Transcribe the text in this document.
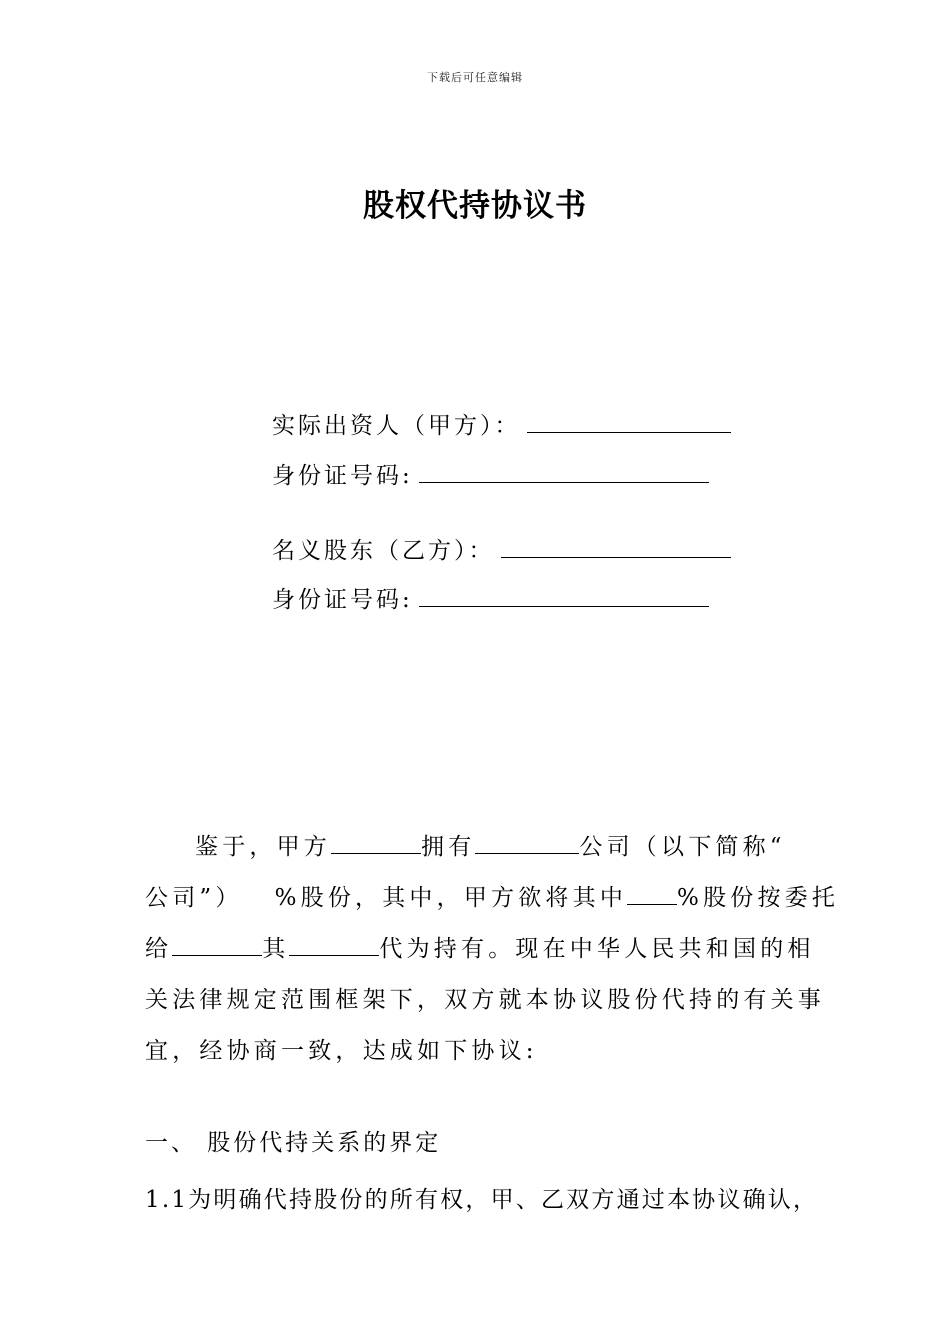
下载后可任意编辑
股权代持协议书
实际出资人（甲方）：
身份证号码:
名义股东（乙方）：
身份证号码:
鉴于，甲方	拥有	公司（以下简称“
公司”） %股份，其中，甲方欲将其中 %股份按委托
给	其	代为持有。现在中华人民共和国的相
关法律规定范围框架下，双方就本协议股份代持的有关事
宜，经协商一致，达成如下协议:
一、 股份代持关系的界定
1.1为明确代持股份的所有权，甲、乙双方通过本协议确认，
